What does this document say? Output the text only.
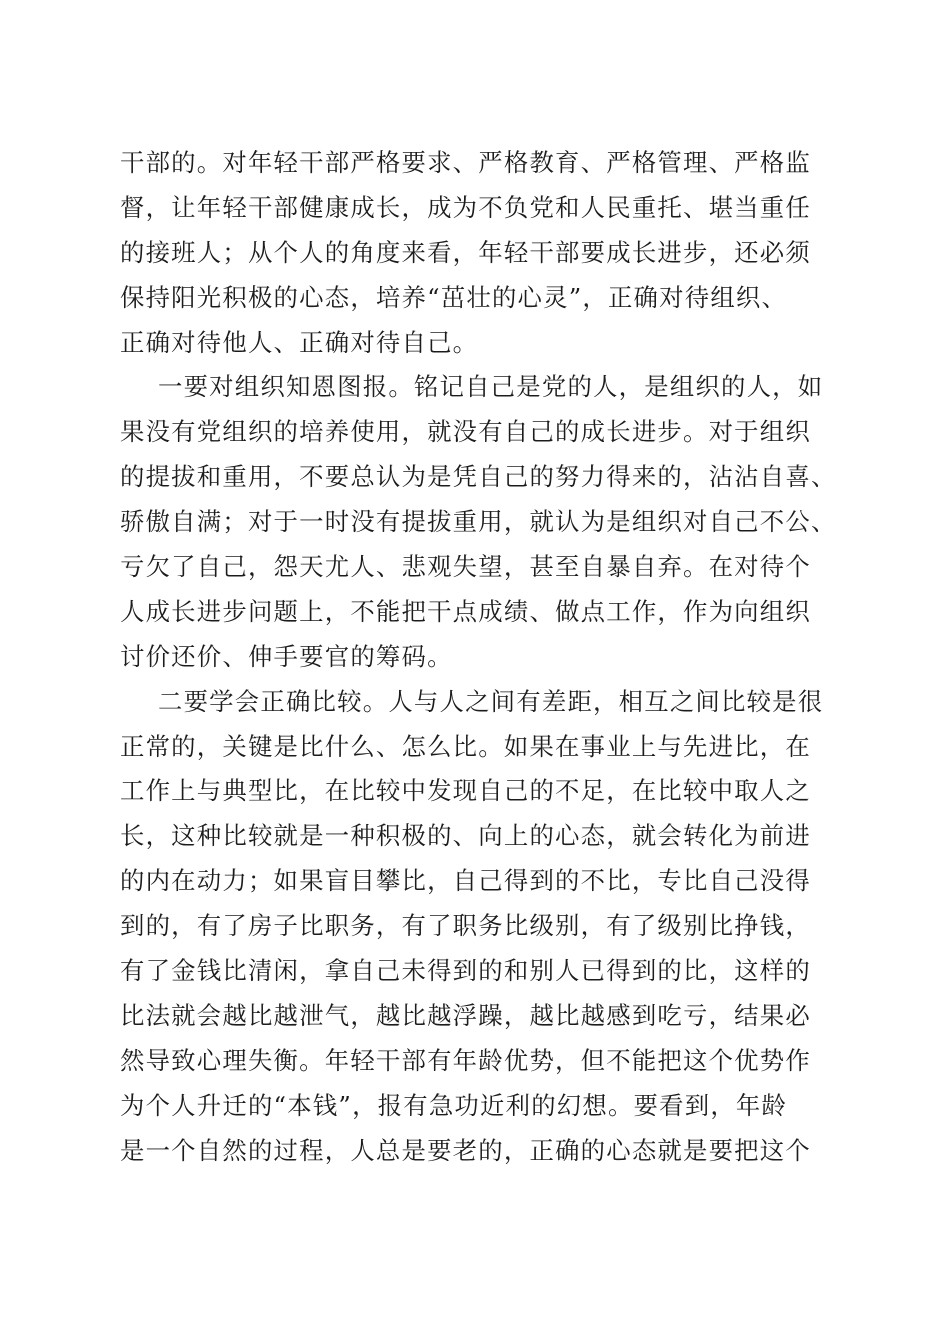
干部的。对年轻干部严格要求、严格教育、严格管理、严格监
督，让年轻干部健康成长，成为不负党和人民重托、堪当重任
的接班人；从个人的角度来看，年轻干部要成长进步，还必须
保持阳光积极的心态，培养“茁壮的心灵”，正确对待组织、
正确对待他人、正确对待自己。
一要对组织知恩图报。铭记自己是党的人，是组织的人，如
果没有党组织的培养使用，就没有自己的成长进步。对于组织
的提拔和重用，不要总认为是凭自己的努力得来的，沾沾自喜、
骄傲自满；对于一时没有提拔重用，就认为是组织对自己不公、
亏欠了自己，怨天尤人、悲观失望，甚至自暴自弃。在对待个
人成长进步问题上，不能把干点成绩、做点工作，作为向组织
讨价还价、伸手要官的筹码。
二要学会正确比较。人与人之间有差距，相互之间比较是很
正常的，关键是比什么、怎么比。如果在事业上与先进比，在
工作上与典型比，在比较中发现自己的不足，在比较中取人之
长，这种比较就是一种积极的、向上的心态，就会转化为前进
的内在动力；如果盲目攀比，自己得到的不比，专比自己没得
到的，有了房子比职务，有了职务比级别，有了级别比挣钱，
有了金钱比清闲，拿自己未得到的和别人已得到的比，这样的
比法就会越比越泄气，越比越浮躁，越比越感到吃亏，结果必
然导致心理失衡。年轻干部有年龄优势，但不能把这个优势作
为个人升迁的“本钱”，报有急功近利的幻想。要看到，年龄
是一个自然的过程，人总是要老的，正确的心态就是要把这个
